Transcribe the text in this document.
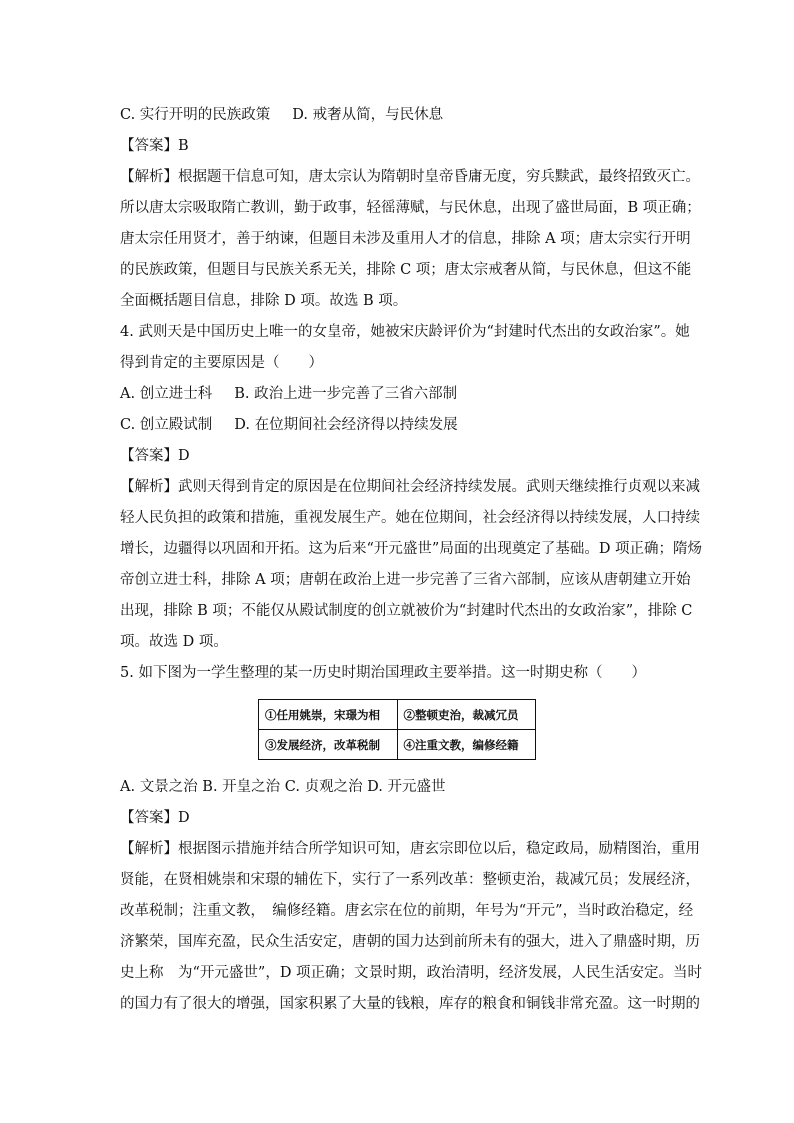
C. 实行开明的民族政策 D. 戒奢从简，与民休息
【答案】B
【解析】根据题干信息可知，唐太宗认为隋朝时皇帝昏庸无度，穷兵黩武，最终招致灭亡。
所以唐太宗吸取隋亡教训，勤于政事，轻徭薄赋，与民休息，出现了盛世局面，B 项正确；
唐太宗任用贤才，善于纳谏，但题目未涉及重用人才的信息，排除 A 项；唐太宗实行开明
的民族政策，但题目与民族关系无关，排除 C 项；唐太宗戒奢从简，与民休息，但这不能
全面概括题目信息，排除 D 项。故选 B 项。
4. 武则天是中国历史上唯一的女皇帝，她被宋庆龄评价为“封建时代杰出的女政治家”。她
得到肯定的主要原因是（　　）
A. 创立进士科 B. 政治上进一步完善了三省六部制
C. 创立殿试制 D. 在位期间社会经济得以持续发展
【答案】D
【解析】武则天得到肯定的原因是在位期间社会经济持续发展。武则天继续推行贞观以来减
轻人民负担的政策和措施，重视发展生产。她在位期间，社会经济得以持续发展，人口持续
增长，边疆得以巩固和开拓。这为后来“开元盛世”局面的出现奠定了基础。D 项正确；隋炀
帝创立进士科，排除 A 项；唐朝在政治上进一步完善了三省六部制，应该从唐朝建立开始
出现，排除 B 项；不能仅从殿试制度的创立就被价为“封建时代杰出的女政治家”，排除 C
项。故选 D 项。
5. 如下图为一学生整理的某一历史时期治国理政主要举措。这一时期史称（　　）
①任用姚崇，宋璟为相	②整顿吏治，裁减冗员
③发展经济，改革税制	④注重文教，编修经籍
A. 文景之治 B. 开皇之治 C. 贞观之治 D. 开元盛世
【答案】D
【解析】根据图示措施并结合所学知识可知，唐玄宗即位以后，稳定政局，励精图治，重用
贤能，在贤相姚崇和宋璟的辅佐下，实行了一系列改革：整顿吏治，裁减冗员；发展经济，
改革税制；注重文教，　编修经籍。唐玄宗在位的前期，年号为“开元”，当时政治稳定，经
济繁荣，国库充盈，民众生活安定，唐朝的国力达到前所未有的强大，进入了鼎盛时期，历
史上称　为“开元盛世”，D 项正确；文景时期，政治清明，经济发展，人民生活安定。当时
的国力有了很大的增强，国家积累了大量的钱粮，库存的粮食和铜钱非常充盈。这一时期的
